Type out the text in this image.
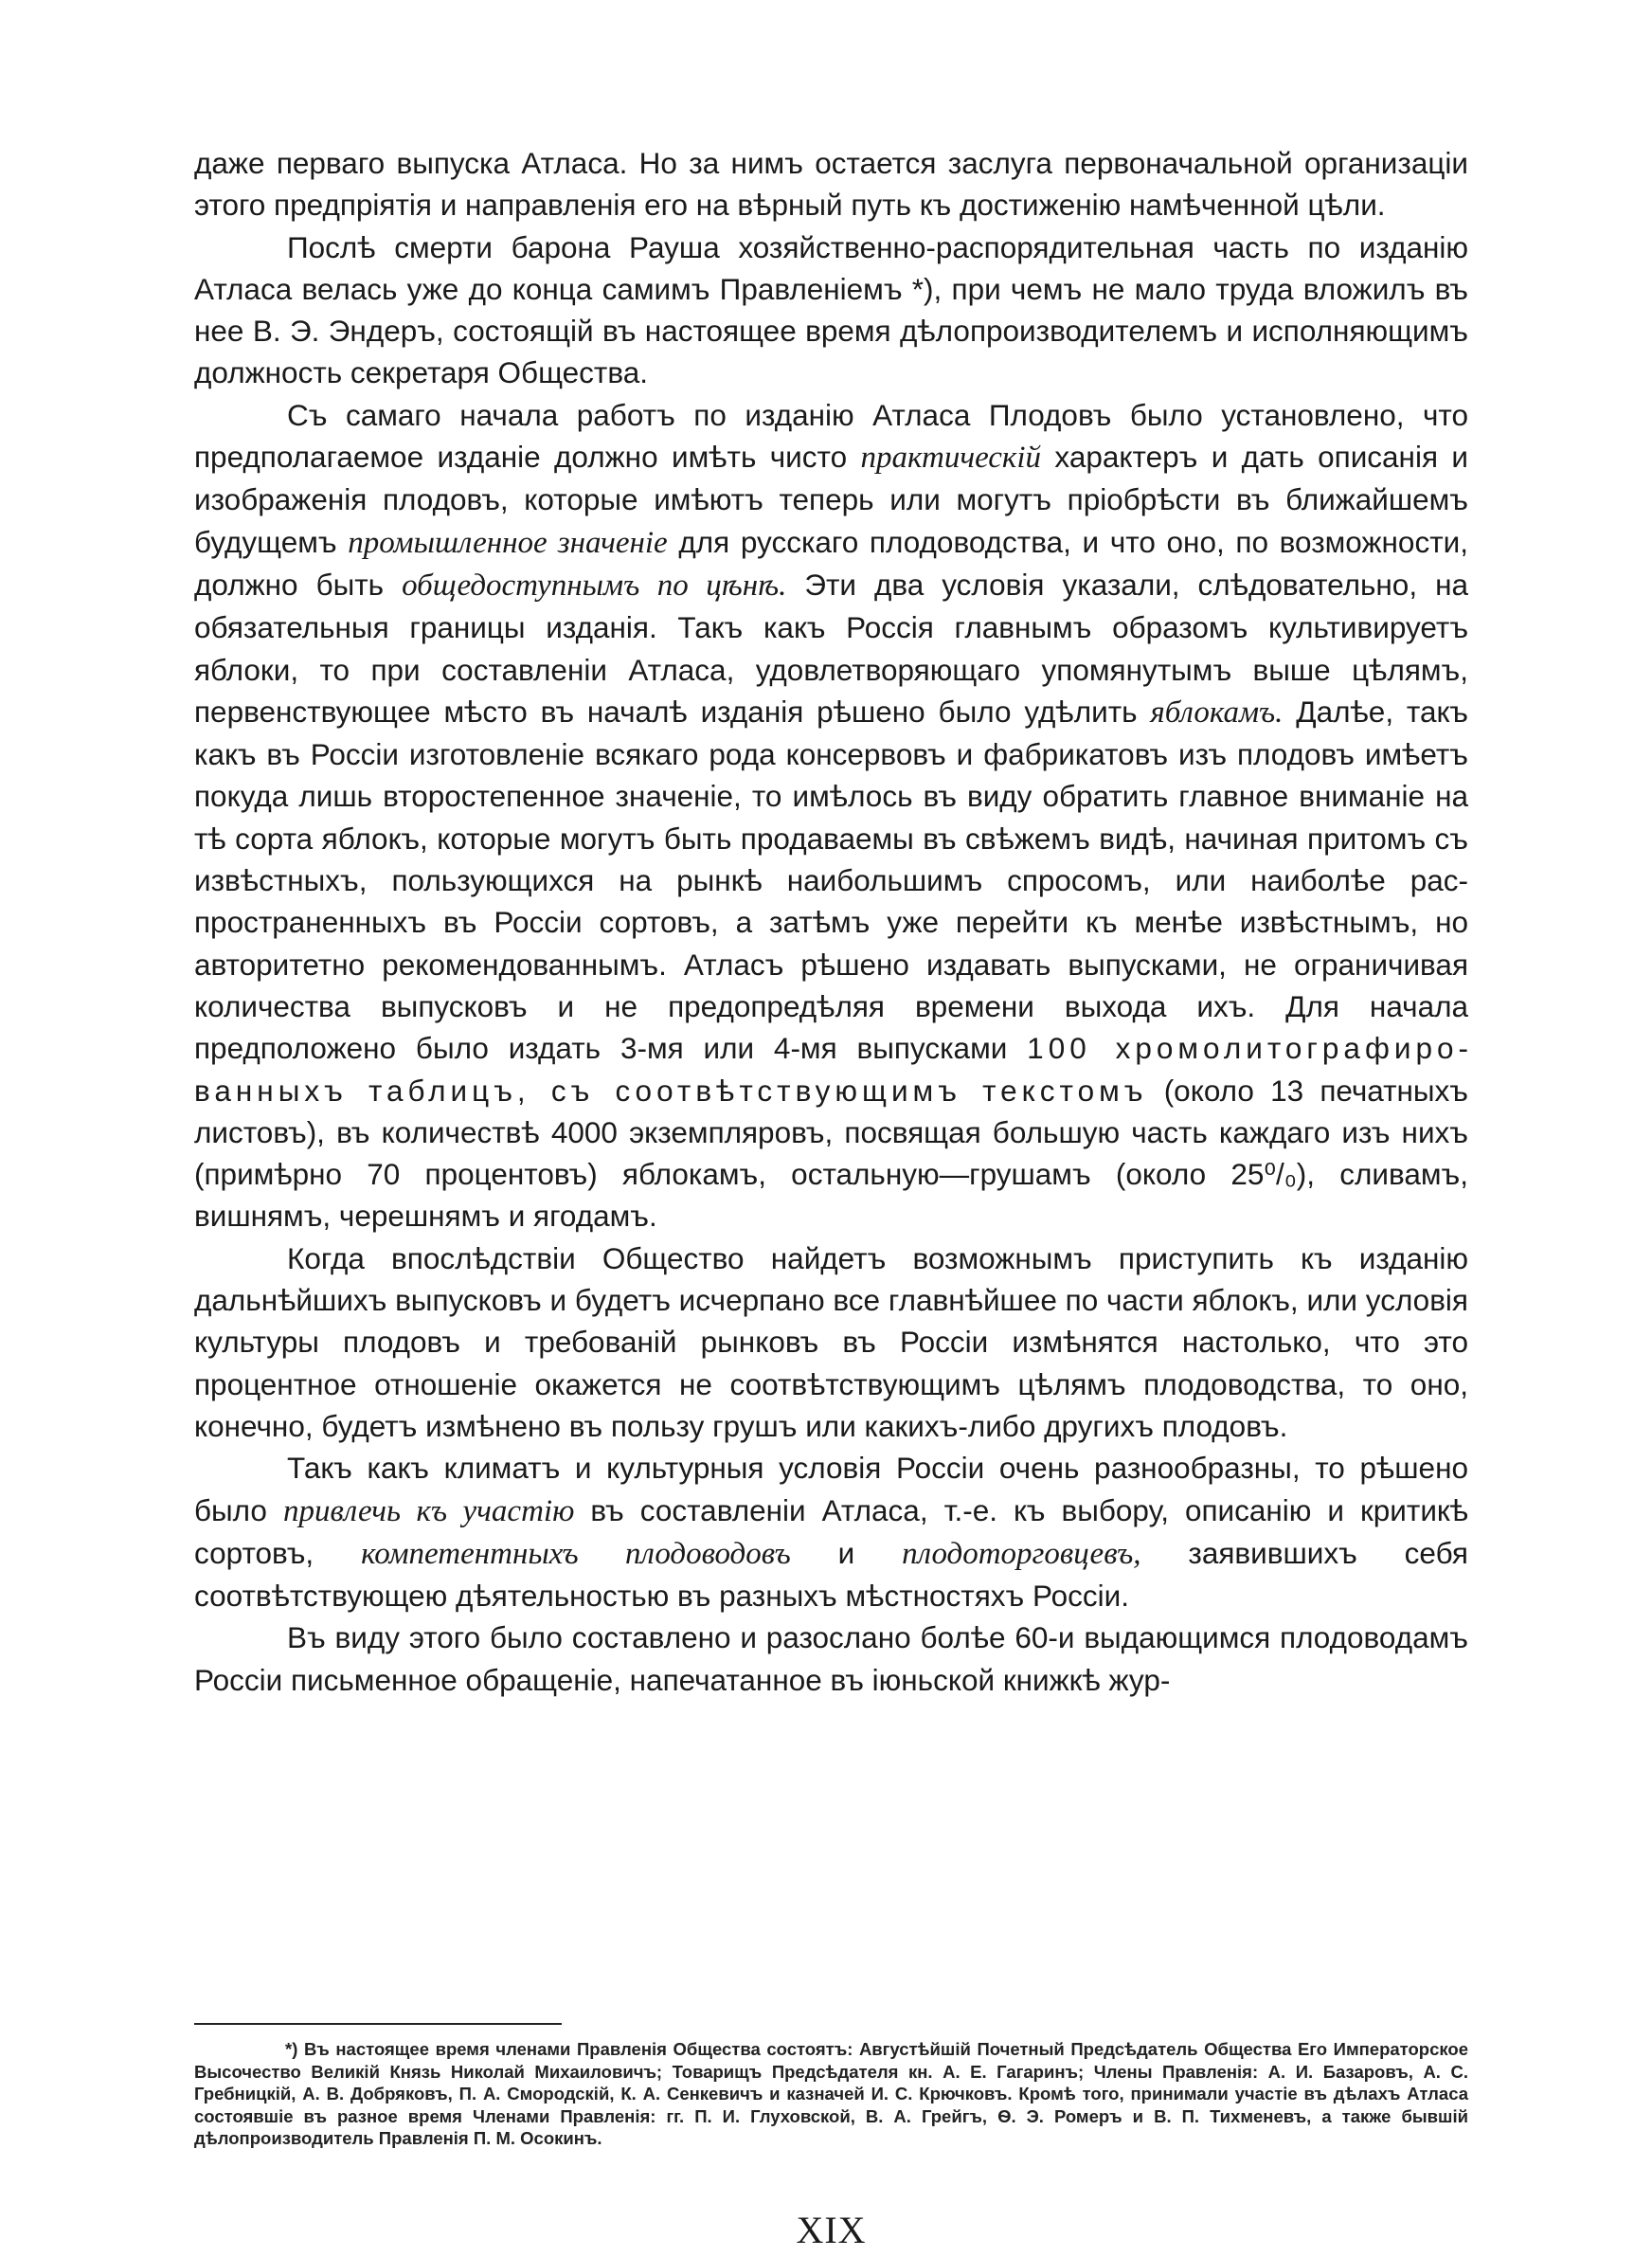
даже перваго выпуска Атласа. Но за нимъ остается заслуга первоначальной организаціи этого предпріятія и направленія его на вѣрный путь къ достиженію намѣченной цѣли.

Послѣ смерти барона Рауша хозяйственно-распорядительная часть по изданію Атласа велась уже до конца самимъ Правленіемъ *), при чемъ не мало труда вложилъ въ нее В. Э. Эндеръ, состоящій въ настоящее время дѣлопроизводителемъ и исполняющимъ должность секретаря Общества.

Съ самаго начала работъ по изданію Атласа Плодовъ было установлено, что предполагаемое изданіе должно имѣть чисто практическій характеръ и дать описанія и изображенія плодовъ, которые имѣютъ теперь или могутъ пріобрѣсти въ ближайшемъ будущемъ промышленное значеніе для русскаго плодоводства, и что оно, по возможности, должно быть общедоступнымъ по цѣнѣ. Эти два условія указали, слѣдовательно, на обязательныя границы изданія. Такъ какъ Россія главнымъ образомъ культивируетъ яблоки, то при составленіи Атласа, удовлетворяющаго упомянутымъ выше цѣлямъ, первенствующее мѣсто въ началѣ изданія рѣшено было удѣлить яблокамъ. Далѣе, такъ какъ въ Россіи изготовленіе всякаго рода консервовъ и фабрикатовъ изъ плодовъ имѣетъ покуда лишь второстепенное значеніе, то имѣлось въ виду обратить главное вниманіе на тѣ сорта яблокъ, которые могутъ быть продаваемы въ свѣжемъ видѣ, начиная притомъ съ извѣстныхъ, пользующихся на рынкѣ наибольшимъ спросомъ, или наиболѣе распространенныхъ въ Россіи сортовъ, а затѣмъ уже перейти къ менѣе извѣстнымъ, но авторитетно рекомендованнымъ. Атласъ рѣшено издавать выпусками, не ограничивая количества выпусковъ и не предопредѣляя времени выхода ихъ. Для начала предположено было издать 3-мя или 4-мя выпусками 100 хромолитографированныхъ таблицъ, съ соотвѣтствующимъ текстомъ (около 13 печатныхъ листовъ), въ количествѣ 4000 экземпляровъ, посвящая большую часть каждаго изъ нихъ (примѣрно 70 процентовъ) яблокамъ, остальную—грушамъ (около 25⁰/₀), сливамъ, вишнямъ, черешнямъ и ягодамъ.

Когда впослѣдствіи Общество найдетъ возможнымъ приступить къ изданію дальнѣйшихъ выпусковъ и будетъ исчерпано все главнѣйшее по части яблокъ, или условія культуры плодовъ и требованій рынковъ въ Россіи измѣнятся настолько, что это процентное отношеніе окажется не соотвѣтствующимъ цѣлямъ плодоводства, то оно, конечно, будетъ измѣнено въ пользу грушъ или какихъ-либо другихъ плодовъ.

Такъ какъ климатъ и культурныя условія Россіи очень разнообразны, то рѣшено было привлечь къ участію въ составленіи Атласа, т.-е. къ выбору, описанію и критикѣ сортовъ, компетентныхъ плодоводовъ и плодоторговцевъ, заявившихъ себя соотвѣтствующею дѣятельностью въ разныхъ мѣстностяхъ Россіи.

Въ виду этого было составлено и разослано болѣе 60-и выдающимся плодоводамъ Россіи письменное обращеніе, напечатанное въ іюньской книжкѣ жур-

*) Въ настоящее время членами Правленія Общества состоятъ: Августѣйшій Почетный Предсѣдатель Общества Его Императорское Высочество Великій Князь Николай Михаиловичъ; Товарищъ Предсѣдателя кн. А. Е. Гагаринъ; Члены Правленія: А. И. Базаровъ, А. С. Гребницкій, А. В. Добряковъ, П. А. Смородскій, К. А. Сенкевичъ и казначей И. С. Крючковъ. Кромѣ того, принимали участіе въ дѣлахъ Атласа состоявшіе въ разное время Членами Правленія: гг. П. И. Глуховской, В. А. Грейгъ, Ѳ. Э. Ромеръ и В. П. Тихменевъ, а также бывшій дѣлопроизводитель Правленія П. М. Осокинъ.

XIX
